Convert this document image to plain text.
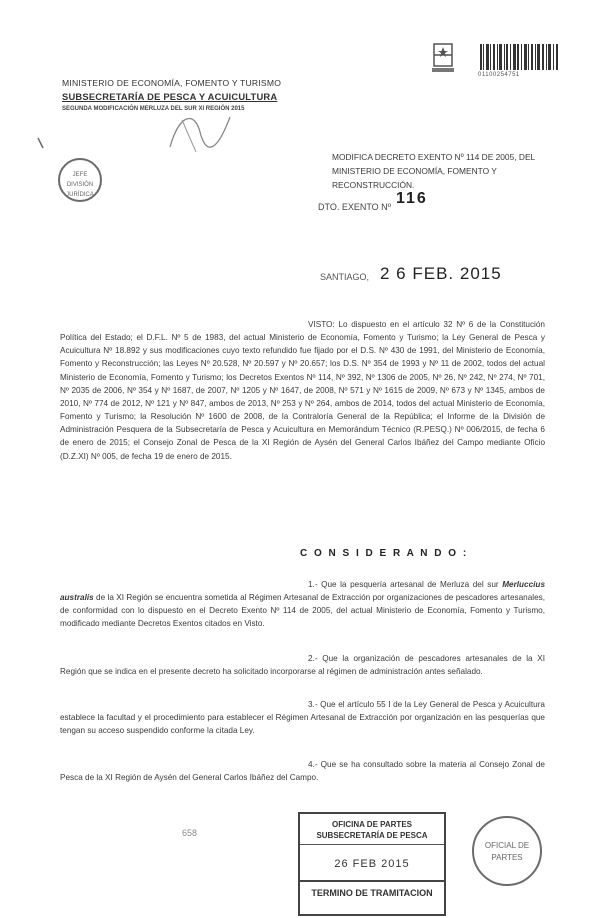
MINISTERIO DE ECONOMÍA, FOMENTO Y TURISMO
SUBSECRETARÍA DE PESCA Y ACUICULTURA
SEGUNDA MODIFICACIÓN MERLUZA DEL SUR XI REGIÓN 2015
01100254751
JEFE DIVISIÓN JURÍDICA
MODIFICA DECRETO EXENTO Nº 114 DE 2005, DEL MINISTERIO DE ECONOMÍA, FOMENTO Y RECONSTRUCCIÓN.
DTO. EXENTO Nº 116
SANTIAGO, 2 6 FEB. 2015
VISTO: Lo dispuesto en el artículo 32 Nº 6 de la Constitución Política del Estado; el D.F.L. Nº 5 de 1983, del actual Ministerio de Economía, Fomento y Turismo; la Ley General de Pesca y Acuicultura Nº 18.892 y sus modificaciones cuyo texto refundido fue fijado por el D.S. Nº 430 de 1991, del Ministerio de Economía, Fomento y Reconstrucción; las Leyes Nº 20.528, Nº 20.597 y Nº 20.657; los D.S. Nº 354 de 1993 y Nº 11 de 2002, todos del actual Ministerio de Economía, Fomento y Turismo; los Decretos Exentos Nº 114, Nº 392, Nº 1306 de 2005, Nº 26, Nº 242, Nº 274, Nº 701, Nº 2035 de 2006, Nº 354 y Nº 1687, de 2007, Nº 1205 y Nº 1647, de 2008, Nº 571 y Nº 1615 de 2009, Nº 673 y Nº 1345, ambos de 2010, Nº 774 de 2012, Nº 121 y Nº 847, ambos de 2013, Nº 253 y Nº 264, ambos de 2014, todos del actual Ministerio de Economía, Fomento y Turismo; la Resolución Nº 1600 de 2008, de la Contraloría General de la República; el Informe de la División de Administración Pesquera de la Subsecretaría de Pesca y Acuicultura en Memorándum Técnico (R.PESQ.) Nº 006/2015, de fecha 6 de enero de 2015; el Consejo Zonal de Pesca de la XI Región de Aysén del General Carlos Ibáñez del Campo mediante Oficio (D.Z.XI) Nº 005, de fecha 19 de enero de 2015.
C O N S I D E R A N D O :
1.- Que la pesquería artesanal de Merluza del sur Merluccius australis de la XI Región se encuentra sometida al Régimen Artesanal de Extracción por organizaciones de pescadores artesanales, de conformidad con lo dispuesto en el Decreto Exento Nº 114 de 2005, del actual Ministerio de Economía, Fomento y Turismo, modificado mediante Decretos Exentos citados en Visto.
2.- Que la organización de pescadores artesanales de la XI Región que se indica en el presente decreto ha solicitado incorporarse al régimen de administración antes señalado.
3.- Que el artículo 55 I de la Ley General de Pesca y Acuicultura establece la facultad y el procedimiento para establecer el Régimen Artesanal de Extracción por organización en las pesquerías que tengan su acceso suspendido conforme la citada Ley.
4.- Que se ha consultado sobre la materia al Consejo Zonal de Pesca de la XI Región de Aysén del General Carlos Ibáñez del Campo.
658
OFICINA DE PARTES
SUBSECRETARÍA DE PESCA
26 FEB 2015
TERMINO DE TRAMITACION
OFICIAL DE PARTES
